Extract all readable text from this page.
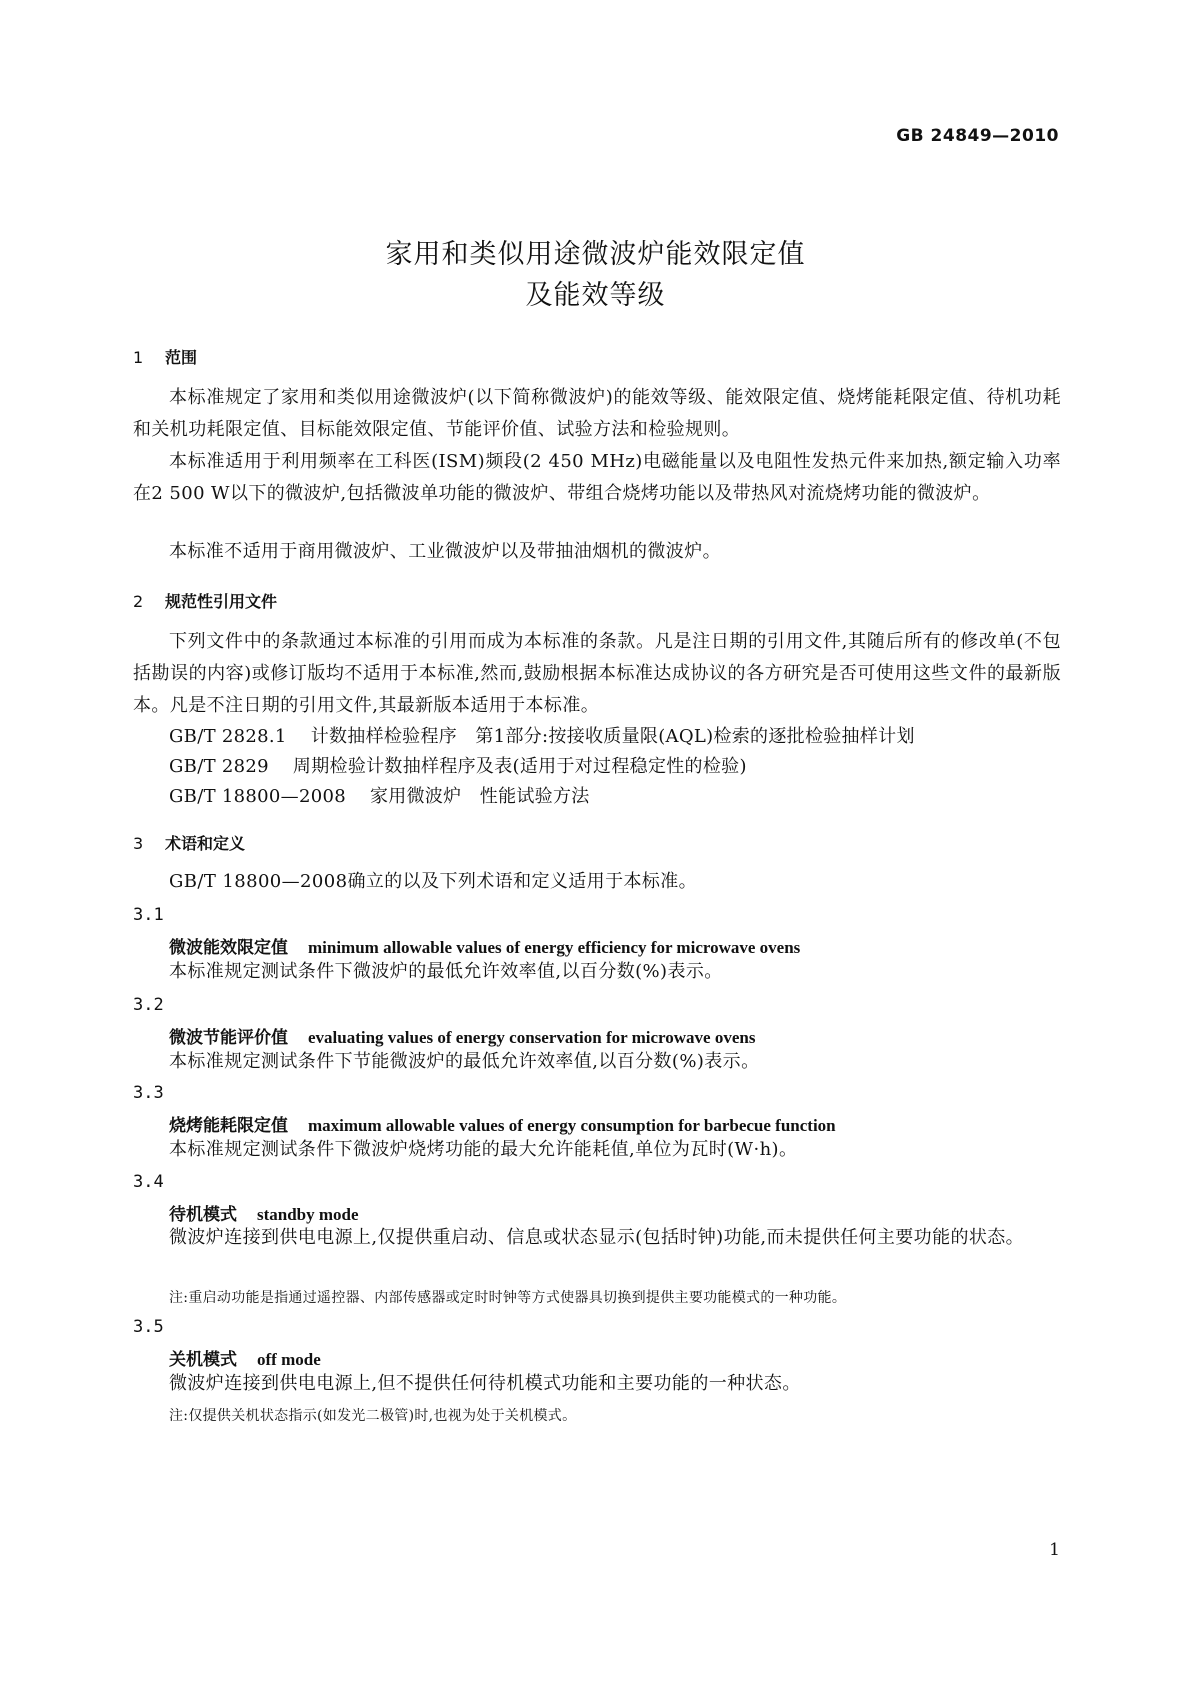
GB 24849—2010
家用和类似用途微波炉能效限定值
及能效等级
1 范围
本标准规定了家用和类似用途微波炉(以下简称微波炉)的能效等级、能效限定值、烧烤能耗限定值、待机功耗和关机功耗限定值、目标能效限定值、节能评价值、试验方法和检验规则。
本标准适用于利用频率在工科医(ISM)频段(2 450 MHz)电磁能量以及电阻性发热元件来加热,额定输入功率在2 500 W以下的微波炉,包括微波单功能的微波炉、带组合烧烤功能以及带热风对流烧烤功能的微波炉。
本标准不适用于商用微波炉、工业微波炉以及带抽油烟机的微波炉。
2 规范性引用文件
下列文件中的条款通过本标准的引用而成为本标准的条款。凡是注日期的引用文件,其随后所有的修改单(不包括勘误的内容)或修订版均不适用于本标准,然而,鼓励根据本标准达成协议的各方研究是否可使用这些文件的最新版本。凡是不注日期的引用文件,其最新版本适用于本标准。
GB/T 2828.1 计数抽样检验程序　第1部分:按接收质量限(AQL)检索的逐批检验抽样计划
GB/T 2829 周期检验计数抽样程序及表(适用于对过程稳定性的检验)
GB/T 18800—2008 家用微波炉　性能试验方法
3 术语和定义
GB/T 18800—2008确立的以及下列术语和定义适用于本标准。
3.1
微波能效限定值 minimum allowable values of energy efficiency for microwave ovens
本标准规定测试条件下微波炉的最低允许效率值,以百分数(%)表示。
3.2
微波节能评价值 evaluating values of energy conservation for microwave ovens
本标准规定测试条件下节能微波炉的最低允许效率值,以百分数(%)表示。
3.3
烧烤能耗限定值 maximum allowable values of energy consumption for barbecue function
本标准规定测试条件下微波炉烧烤功能的最大允许能耗值,单位为瓦时(W·h)。
3.4
待机模式 standby mode
微波炉连接到供电电源上,仅提供重启动、信息或状态显示(包括时钟)功能,而未提供任何主要功能的状态。
注:重启动功能是指通过遥控器、内部传感器或定时时钟等方式使器具切换到提供主要功能模式的一种功能。
3.5
关机模式 off mode
微波炉连接到供电电源上,但不提供任何待机模式功能和主要功能的一种状态。
注:仅提供关机状态指示(如发光二极管)时,也视为处于关机模式。
1
